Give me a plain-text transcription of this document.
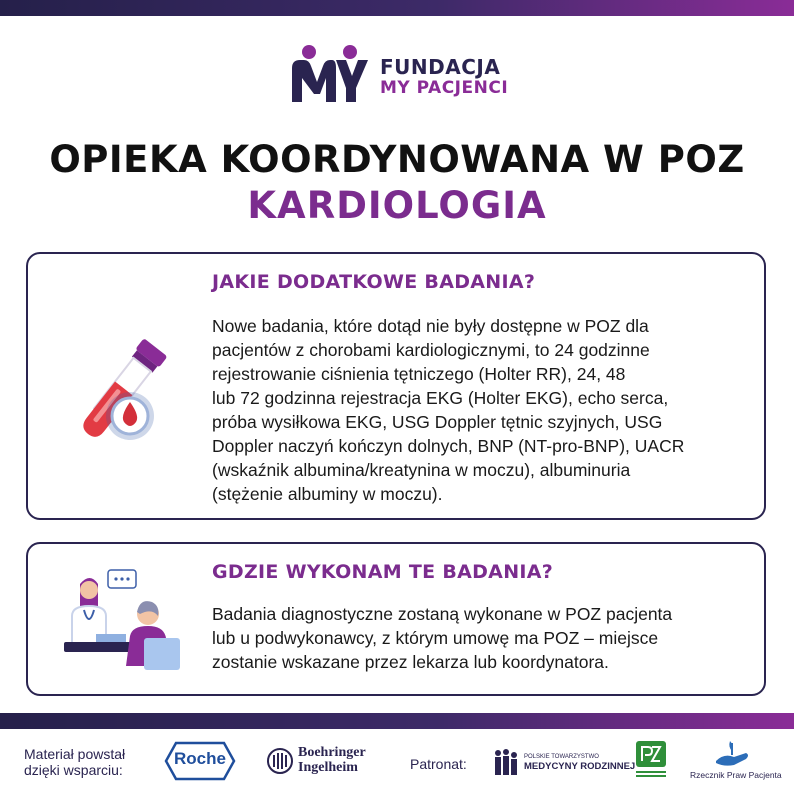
FUNDACJA
MY PACJENCI
OPIEKA KOORDYNOWANA W POZ
KARDIOLOGIA
JAKIE DODATKOWE BADANIA?
Nowe badania, które dotąd nie były dostępne w POZ dla
pacjentów z chorobami kardiologicznymi, to 24 godzinne
rejestrowanie ciśnienia tętniczego (Holter RR), 24, 48
lub 72 godzinna rejestracja EKG (Holter EKG), echo serca,
próba wysiłkowa EKG, USG Doppler tętnic szyjnych, USG
Doppler naczyń kończyn dolnych, BNP (NT-pro-BNP), UACR
(wskaźnik albumina/kreatynina w moczu), albuminuria
(stężenie albuminy w moczu).
GDZIE WYKONAM TE BADANIA?
Badania diagnostyczne zostaną wykonane w POZ pacjenta
lub u podwykonawcy, z którym umowę ma POZ – miejsce
zostanie wskazane przez lekarza lub koordynatora.
Materiał powstał
dzięki wsparciu:
Roche	Boehringer
Ingelheim	Patronat:	POLSKIE TOWARZYSTWO
MEDYCYNY RODZINNEJ
Rzecznik Praw Pacjenta
